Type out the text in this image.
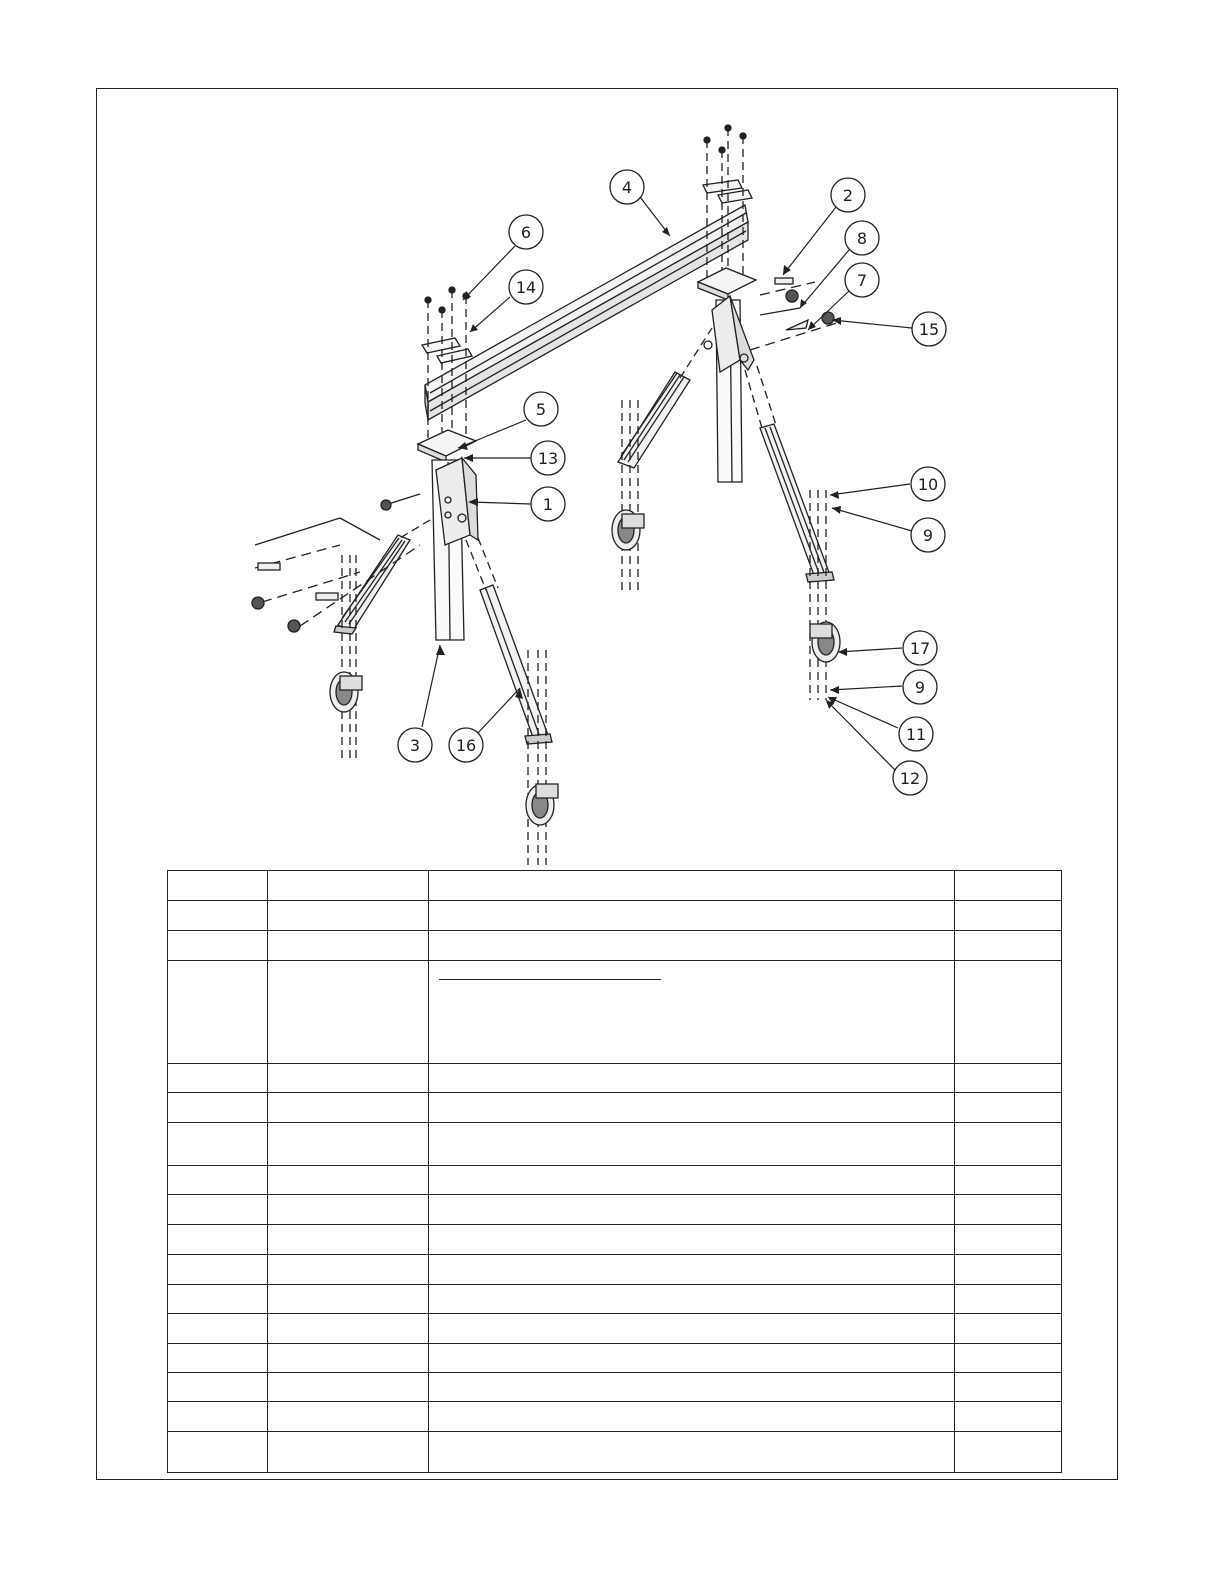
1
2
3
4
5
6
7
8
9
9
10
11
12
13
14
15
16
17
